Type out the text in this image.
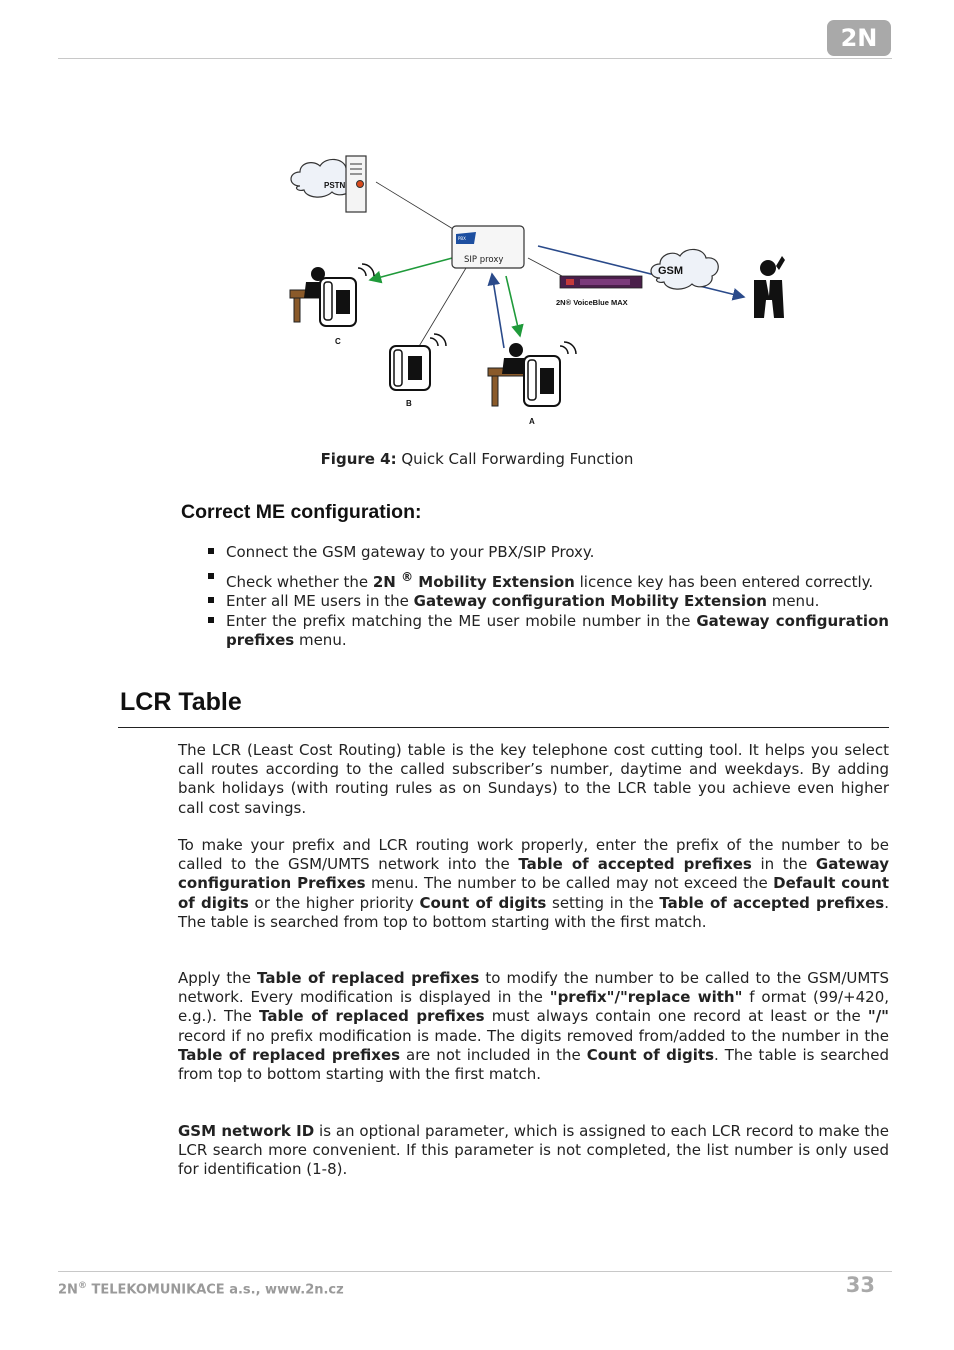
2N
PSTN
PBX
SIP proxy
GSM
2N® VoiceBlue MAX
C
B
A
Figure 4: Quick Call Forwarding Function
Correct ME configuration:
Connect the GSM gateway to your PBX/SIP Proxy.
Check whether the 2N ® Mobility Extension licence key has been entered correctly.
Enter all ME users in the Gateway configuration Mobility Extension menu.
Enter the prefix matching the ME user mobile number in the Gateway configuration prefixes menu.
LCR Table

The LCR (Least Cost Routing) table is the key telephone cost cutting tool. It helps you select call routes according to the called subscriber’s number, daytime and weekdays. By adding bank holidays (with routing rules as on Sundays) to the LCR table you achieve even higher call cost savings.

To make your prefix and LCR routing work properly, enter the prefix of the number to be called to the GSM/UMTS network into the Table of accepted prefixes in the Gateway configuration Prefixes menu. The number to be called may not exceed the Default count of digits or the higher priority Count of digits setting in the Table of accepted prefixes. The table is searched from top to bottom starting with the first match.

Apply the Table of replaced prefixes to modify the number to be called to the GSM/UMTS network. Every modification is displayed in the "prefix"/"replace with" f ormat (99/+420, e.g.). The Table of replaced prefixes must always contain one record at least or the "/" record if no prefix modification is made. The digits removed from/added to the number in the Table of replaced prefixes are not included in the Count of digits. The table is searched from top to bottom starting with the first match.

GSM network ID is an optional parameter, which is assigned to each LCR record to make the LCR search more convenient. If this parameter is not completed, the list number is only used for identification (1-8).

2N® TELEKOMUNIKACE a.s., www.2n.cz	33
